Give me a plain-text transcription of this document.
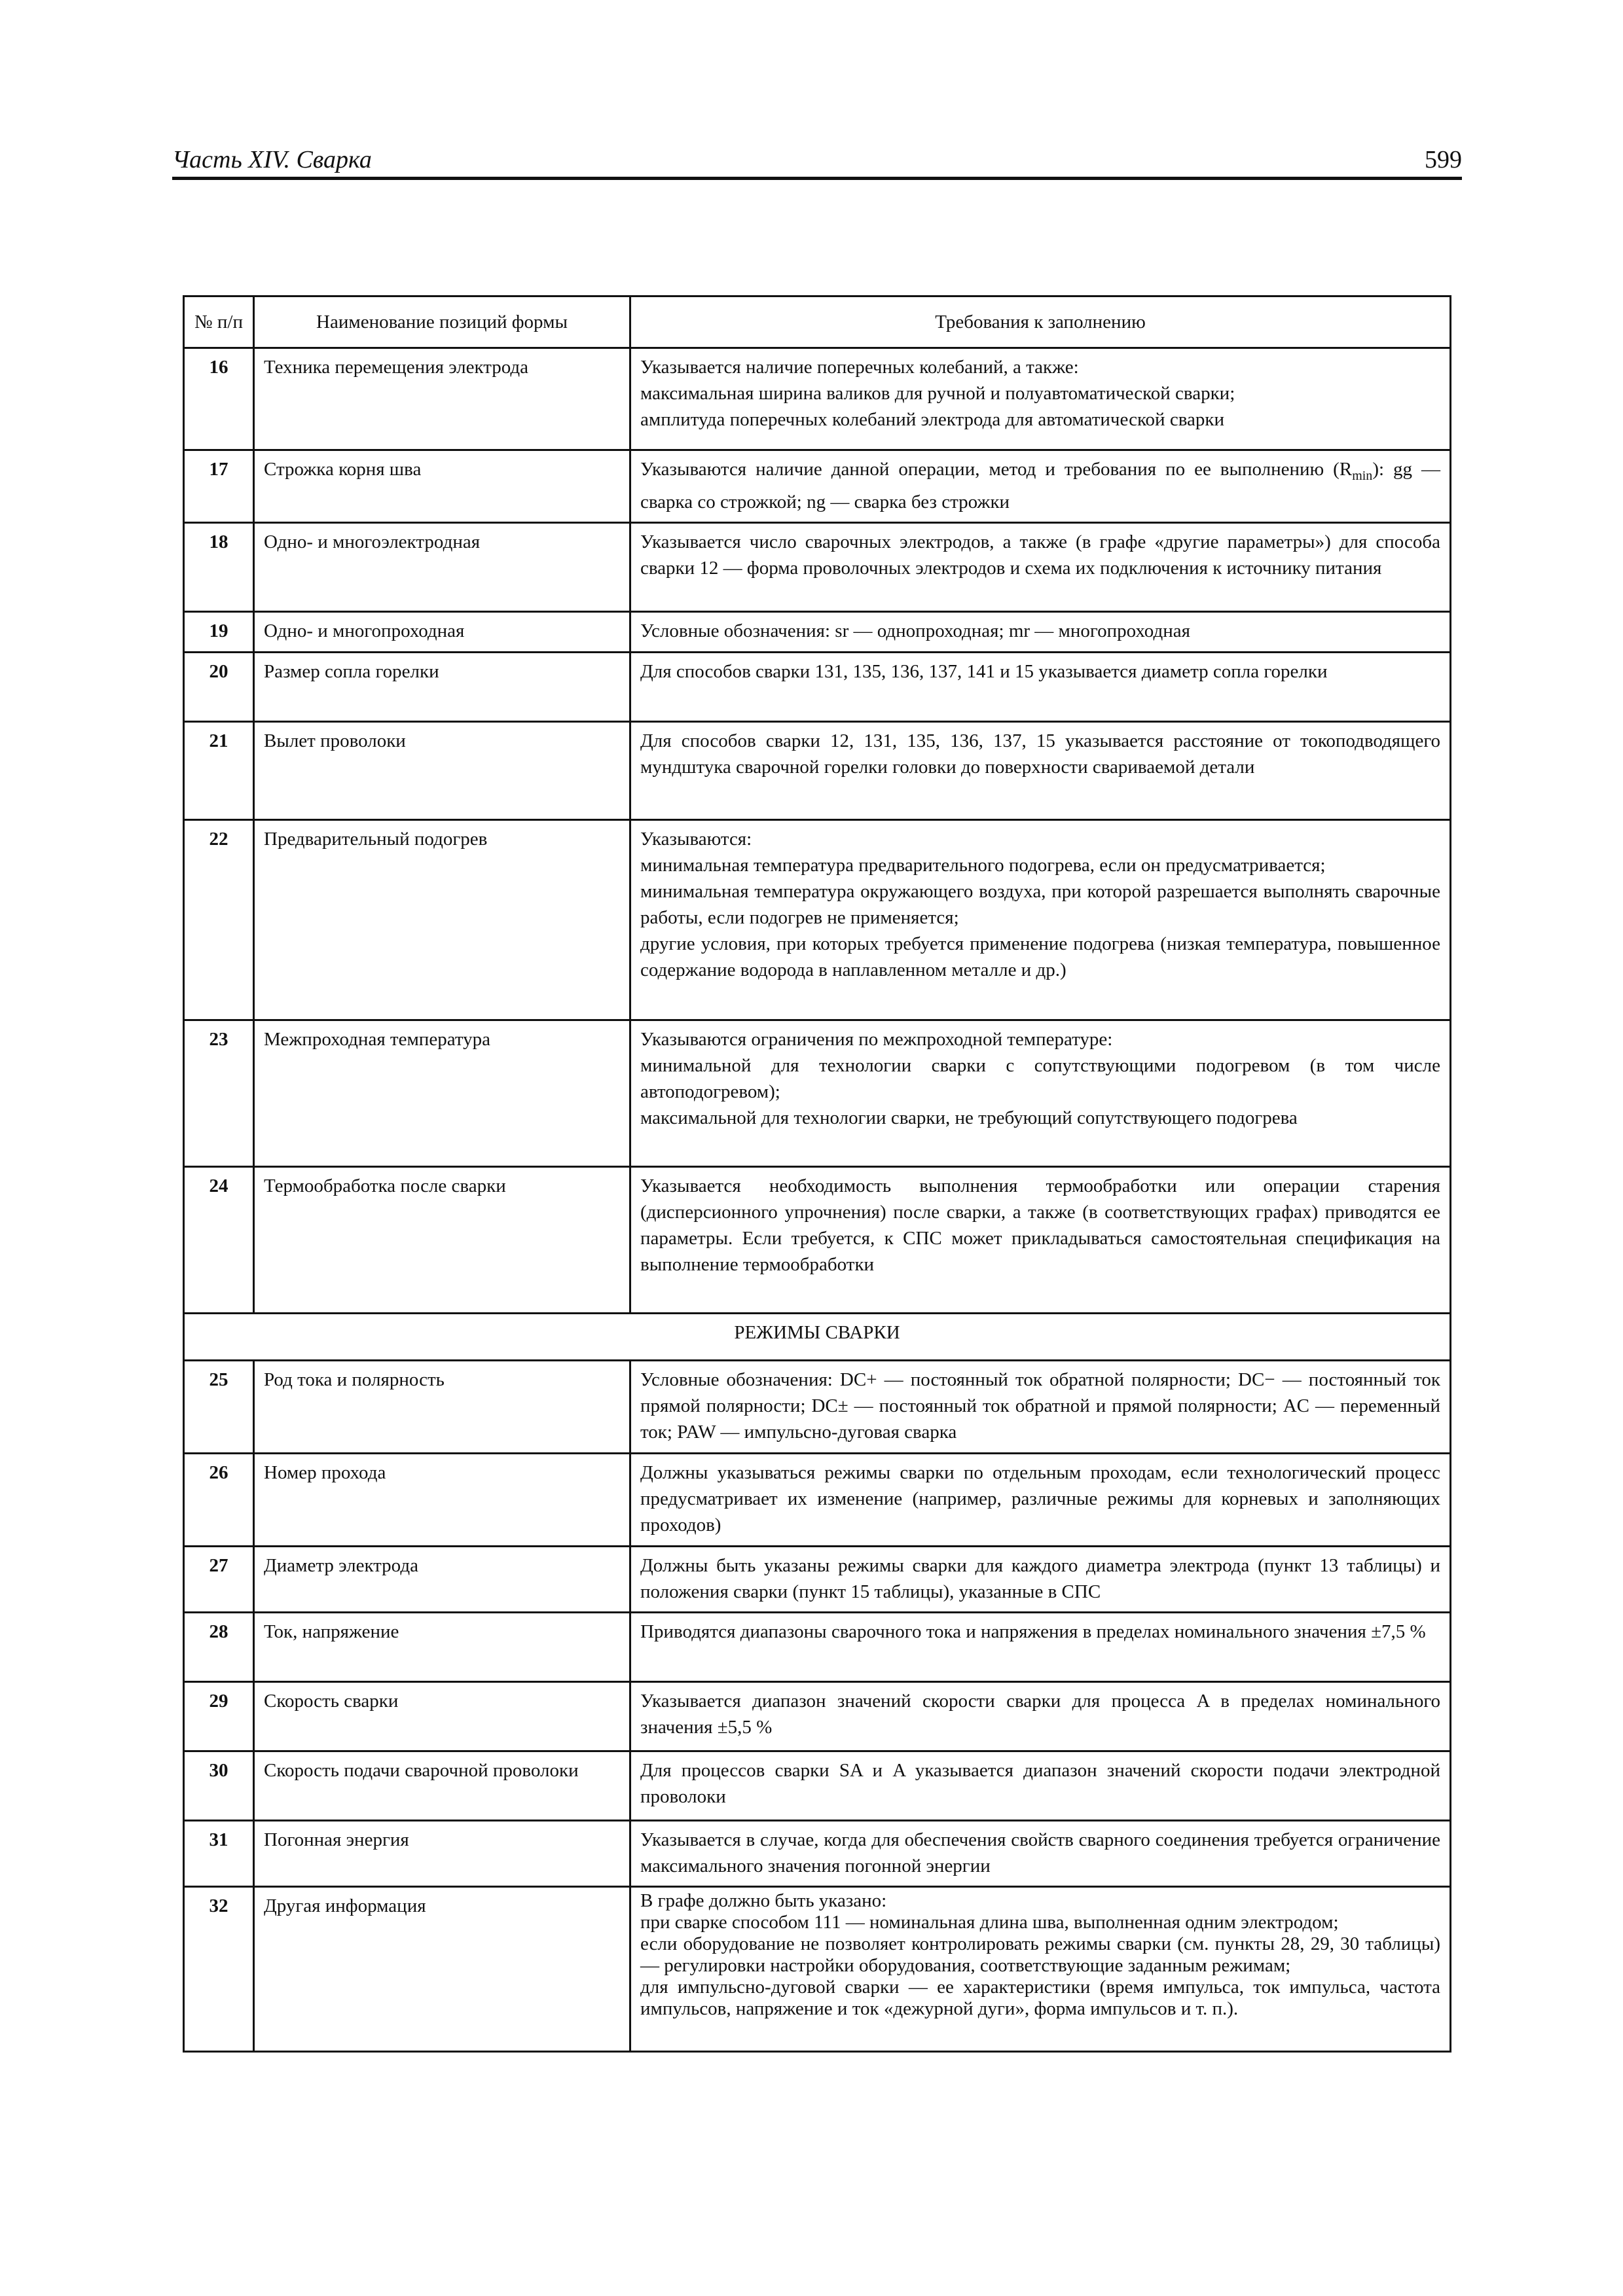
Часть XIV. Сварка	599
№ п/п	Наименование позиций формы	Требования к заполнению
16	Техника перемещения электрода	Указывается наличие поперечных колебаний, а также:
максимальная ширина валиков для ручной и полуавтоматической сварки;
амплитуда поперечных колебаний электрода для автоматической сварки

17	Строжка корня шва	Указываются наличие данной операции, метод и требования по ее выполнению $(R_{min})$: gg — сварка со строжкой; ng — сварка без строжки
18	Одно- и многоэлектродная	Указывается число сварочных электродов, а также (в графе «другие параметры») для способа сварки 12 — форма проволочных электродов и схема их подключения к источнику питания
19	Одно- и многопроходная	Условные обозначения: sr — однопроходная; mr — многопроходная
20	Размер сопла горелки	Для способов сварки 131, 135, 136, 137, 141 и 15 указывается диаметр сопла горелки
21	Вылет проволоки	Для способов сварки 12, 131, 135, 136, 137, 15 указывается расстояние от токоподводящего мундштука сварочной горелки головки до поверхности свариваемой детали
22	Предварительный подогрев	Указываются:
минимальная температура предварительного подогрева, если он предусматривается;
минимальная температура окружающего воздуха, при которой разрешается выполнять сварочные работы, если подогрев не применяется;
другие условия, при которых требуется применение подогрева (низкая температура, повышенное содержание водорода в наплавленном металле и др.)

23	Межпроходная температура	Указываются ограничения по межпроходной температуре:
минимальной для технологии сварки с сопутствующими подогревом (в том числе автоподогревом);
максимальной для технологии сварки, не требующий сопутствующего подогрева

24	Термообработка после сварки	Указывается необходимость выполнения термообработки или операции старения (дисперсионного упрочнения) после сварки, а также (в соответствующих графах) приводятся ее параметры. Если требуется, к СПС может прикладываться самостоятельная спецификация на выполнение термообработки
РЕЖИМЫ СВАРКИ		
25	Род тока и полярность	Условные обозначения: DC+ — постоянный ток обратной полярности; DC− — постоянный ток прямой полярности; DC± — постоянный ток обратной и прямой полярности; AC — переменный ток; PAW — импульсно-дуговая сварка
26	Номер прохода	Должны указываться режимы сварки по отдельным проходам, если технологический процесс предусматривает их изменение (например, различные режимы для корневых и заполняющих проходов)
27	Диаметр электрода	Должны быть указаны режимы сварки для каждого диаметра электрода (пункт 13 таблицы) и положения сварки (пункт 15 таблицы), указанные в СПС
28	Ток, напряжение	Приводятся диапазоны сварочного тока и напряжения в пределах номинального значения ±7,5 %
29	Скорость сварки	Указывается диапазон значений скорости сварки для процесса A в пределах номинального значения ±5,5 %
30	Скорость подачи сварочной проволоки	Для процессов сварки SA и A указывается диапазон значений скорости подачи электродной проволоки
31	Погонная энергия	Указывается в случае, когда для обеспечения свойств сварного соединения требуется ограничение максимального значения погонной энергии
32	Другая информация	В графе должно быть указано:
при сварке способом 111 — номинальная длина шва, выполненная одним электродом;
если оборудование не позволяет контролировать режимы сварки (см. пункты 28, 29, 30 таблицы) — регулировки настройки оборудования, соответствующие заданным режимам;
для импульсно-дуговой сварки — ее характеристики (время импульса, ток импульса, частота импульсов, напряжение и ток «дежурной дуги», форма импульсов и т. п.).
